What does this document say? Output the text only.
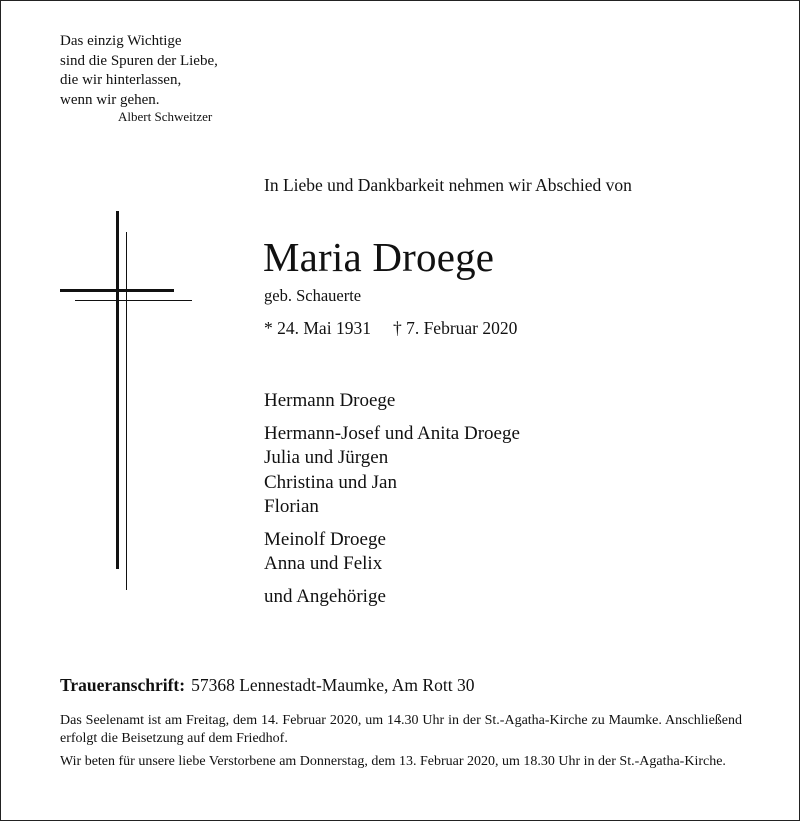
Das einzig Wichtige
sind die Spuren der Liebe,
die wir hinterlassen,
wenn wir gehen.
Albert Schweitzer
In Liebe und Dankbarkeit nehmen wir Abschied von
Maria Droege
geb. Schauerte
* 24. Mai 1931 † 7. Februar 2020
Hermann Droege
Hermann-Josef und Anita Droege
Julia und Jürgen
Christina und Jan
Florian
Meinolf Droege
Anna und Felix
und Angehörige
Traueranschrift: 57368 Lennestadt-Maumke, Am Rott 30

Das Seelenamt ist am Freitag, dem 14. Februar 2020, um 14.30 Uhr in der St.-Agatha-Kirche zu Maumke. Anschließend erfolgt die Beisetzung auf dem Friedhof.

Wir beten für unsere liebe Verstorbene am Donnerstag, dem 13. Februar 2020, um 18.30 Uhr in der St.-Agatha-Kirche.
